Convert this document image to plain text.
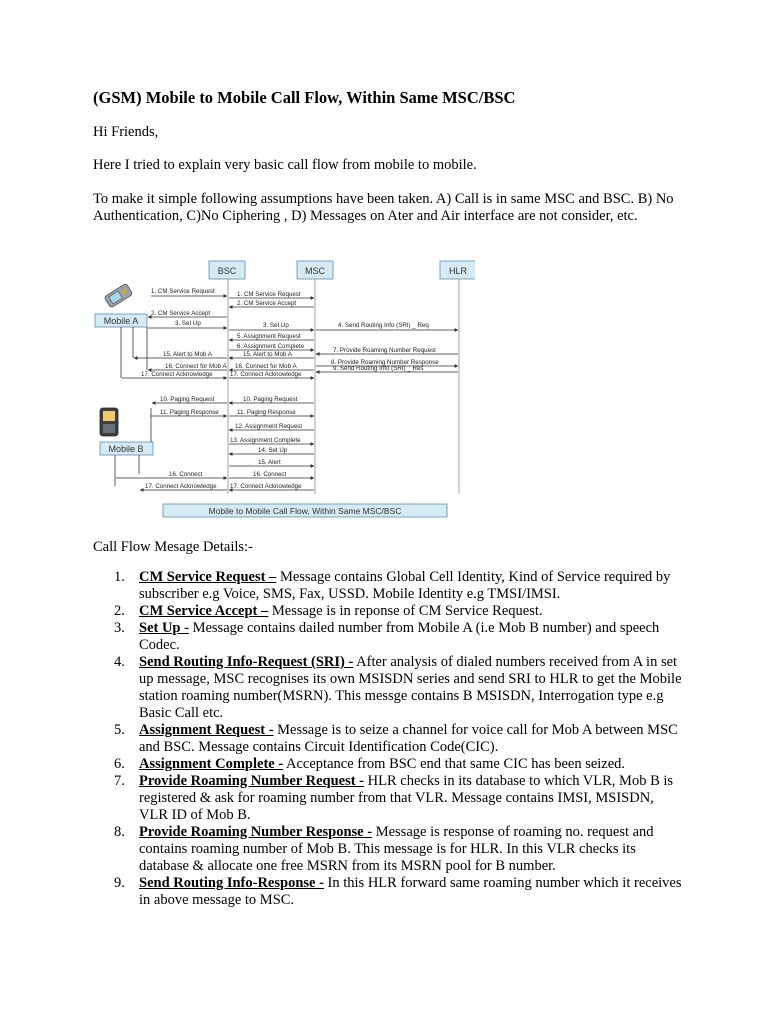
(GSM) Mobile to Mobile Call Flow, Within Same MSC/BSC
Hi Friends,
Here I tried to explain very basic call flow from mobile to mobile.
To make it simple following assumptions have been taken. A) Call is in same MSC and BSC. B) No Authentication, C)No Ciphering , D) Messages on Ater and Air interface are not consider, etc.
BSC	MSC	HLR
Mobile A
Mobile B
1. CM Service Request	1. CM Service Request
2. CM Service Accept
2. CM Service Accept
3. Set Up	3. Set Up	4. Send Routing Info (SRI) _ Req
5. Assignment Request
6. Assignment Complete
7. Provide Roaming Number Request
8. Provide Roaming Number Response
9. Send Routing Info (SRI) _ Res
15. Alert to Mob A	15. Alert to Mob A
16. Connect for Mob A 16. Connect for Mob A
17. Connect Acknowledge	17. Connect Acknowledge
10. Paging Request
10. Paging Request
11. Paging Response	11. Paging Response
12. Assignment Request
13. Assignment Complete
14. Set Up
15. Alert
16. Connect	16. Connect
17. Connect Acknowledge 17. Connect Acknowledge
Mobile to Mobile Call Flow, Within Same MSC/BSC
Call Flow Mesage Details:-
1. CM Service Request – Message contains Global Cell Identity, Kind of Service required by subscriber e.g Voice, SMS, Fax, USSD. Mobile Identity e.g TMSI/IMSI.
2. CM Service Accept – Message is in reponse of CM Service Request.
3. Set Up - Message contains dailed number from Mobile A (i.e Mob B number) and speech Codec.
4. Send Routing Info-Request (SRI) - After analysis of dialed numbers received from A in set up message, MSC recognises its own MSISDN series and send SRI to HLR to get the Mobile station roaming number(MSRN). This messge contains B MSISDN, Interrogation type e.g Basic Call etc.
5. Assignment Request - Message is to seize a channel for voice call for Mob A between MSC and BSC. Message contains Circuit Identification Code(CIC).
6. Assignment Complete - Acceptance from BSC end that same CIC has been seized.
7. Provide Roaming Number Request - HLR checks in its database to which VLR, Mob B is registered & ask for roaming number from that VLR. Message contains IMSI, MSISDN, VLR ID of Mob B.
8. Provide Roaming Number Response - Message is response of roaming no. request and contains roaming number of Mob B. This message is for HLR. In this VLR checks its database & allocate one free MSRN from its MSRN pool for B number.
9. Send Routing Info-Response - In this HLR forward same roaming number which it receives in above message to MSC.
